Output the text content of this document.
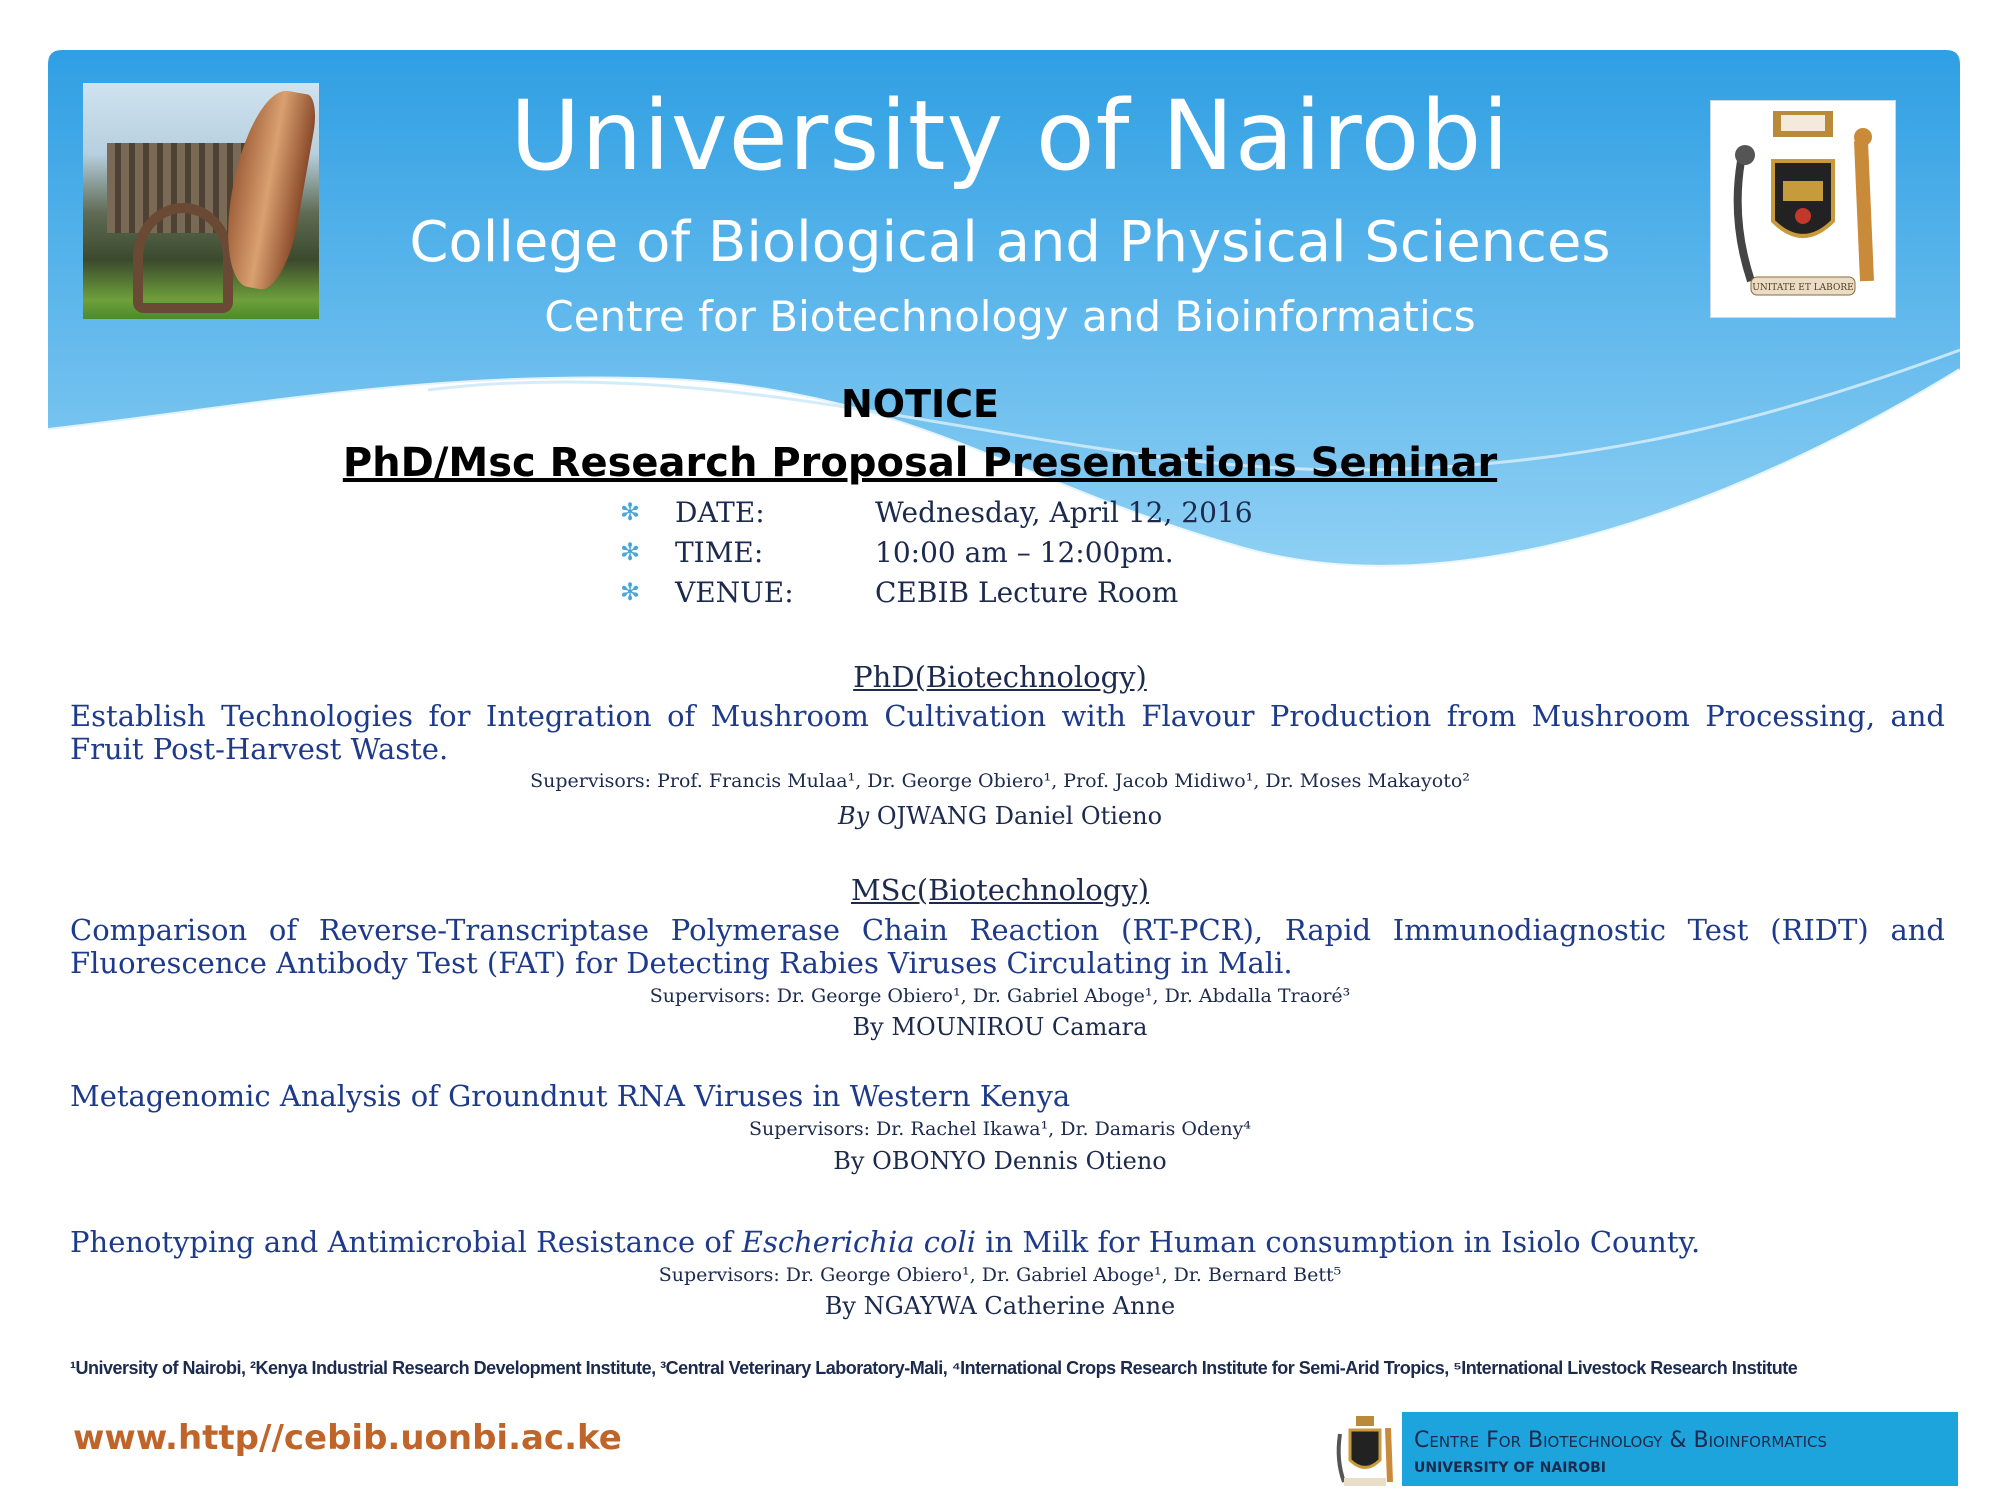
UNITATE ET LABORE
University of Nairobi
College of Biological and Physical Sciences
Centre for Biotechnology and Bioinformatics
NOTICE
PhD/Msc Research Proposal Presentations Seminar
✻	DATE:	Wednesday, April 12, 2016
✻	TIME:	10:00 am – 12:00pm.
✻	VENUE:	CEBIB Lecture Room
PhD(Biotechnology)
Establish Technologies for Integration of Mushroom Cultivation with Flavour Production from Mushroom Processing, and Fruit Post-Harvest Waste.
Supervisors: Prof. Francis Mulaa¹, Dr. George Obiero¹, Prof. Jacob Midiwo¹, Dr. Moses Makayoto²
By OJWANG Daniel Otieno
MSc(Biotechnology)
Comparison of Reverse-Transcriptase Polymerase Chain Reaction (RT-PCR), Rapid Immunodiagnostic Test (RIDT) and Fluorescence Antibody Test (FAT) for Detecting Rabies Viruses Circulating in Mali.
Supervisors: Dr. George Obiero¹, Dr. Gabriel Aboge¹, Dr. Abdalla Traoré³
By MOUNIROU Camara
Metagenomic Analysis of Groundnut RNA Viruses in Western Kenya
Supervisors: Dr. Rachel Ikawa¹, Dr. Damaris Odeny⁴
By OBONYO Dennis Otieno
Phenotyping and Antimicrobial Resistance of Escherichia coli in Milk for Human consumption in Isiolo County.
Supervisors: Dr. George Obiero¹, Dr. Gabriel Aboge¹, Dr. Bernard Bett⁵
By NGAYWA Catherine Anne
¹University of Nairobi, ²Kenya Industrial Research Development Institute, ³Central Veterinary Laboratory-Mali, ⁴International Crops Research Institute for Semi-Arid Tropics, ⁵International Livestock Research Institute
www.http//cebib.uonbi.ac.ke	Centre For Biotechnology & Bioinformatics
UNIVERSITY OF NAIROBI
